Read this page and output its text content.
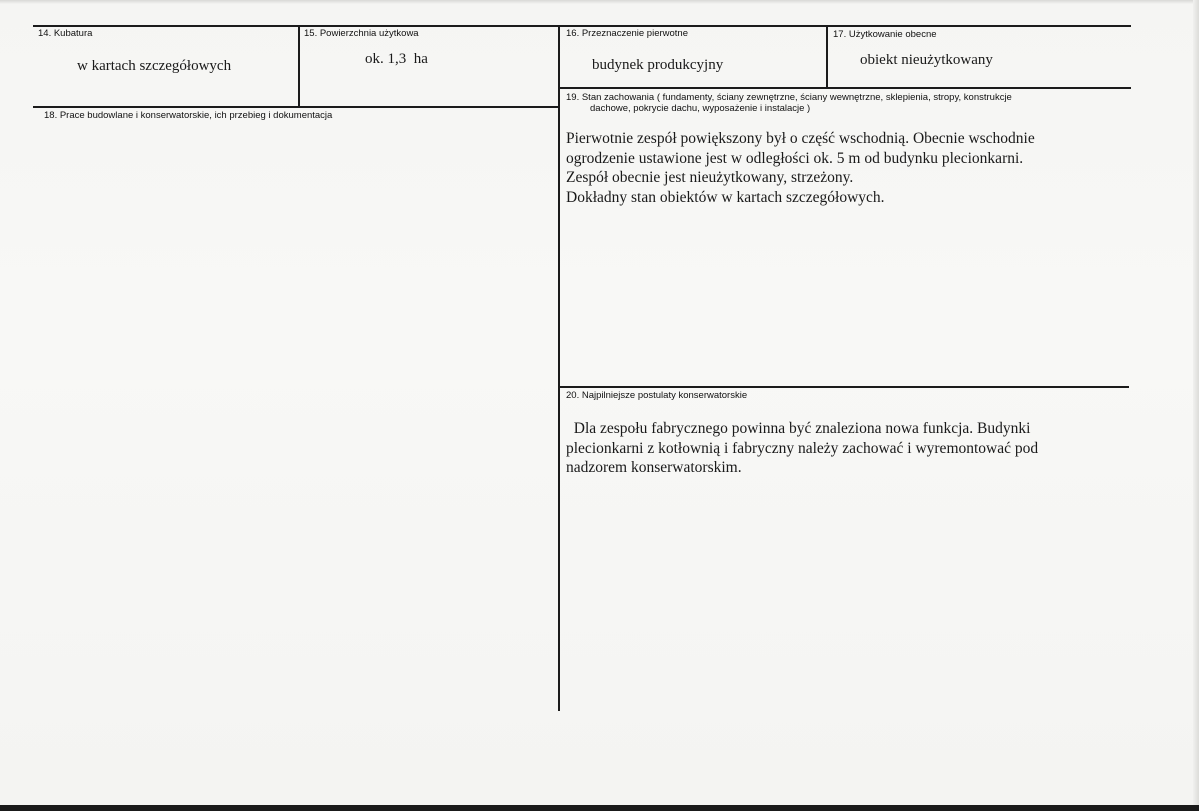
14. Kubatura
w kartach szczegółowych
15. Powierzchnia użytkowa
ok. 1,3  ha
16. Przeznaczenie pierwotne
budynek produkcyjny
17. Użytkowanie obecne
obiekt nieużytkowany
18. Prace budowlane i konserwatorskie, ich przebieg i dokumentacja
19. Stan zachowania ( fundamenty, ściany zewnętrzne, ściany wewnętrzne, sklepienia, stropy, konstrukcje
dachowe, pokrycie dachu, wyposażenie i instalacje )
Pierwotnie zespół powiększony był o część wschodnią. Obecnie wschodnie
ogrodzenie ustawione jest w odległości ok. 5 m od budynku plecionkarni.
Zespół obecnie jest nieużytkowany, strzeżony.
Dokładny stan obiektów w kartach szczegółowych.
20. Najpilniejsze postulaty konserwatorskie
Dla zespołu fabrycznego powinna być znaleziona nowa funkcja. Budynki
plecionkarni z kotłownią i fabryczny należy zachować i wyremontować pod
nadzorem konserwatorskim.
